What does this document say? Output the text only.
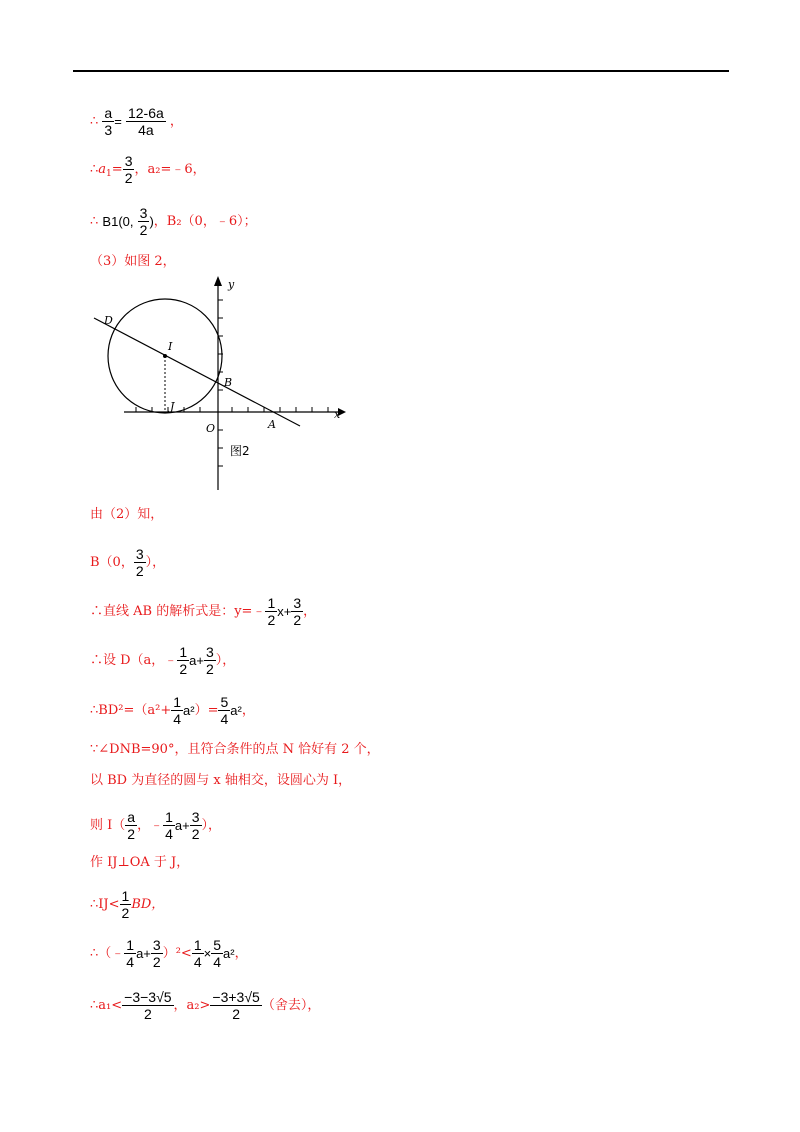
∴ $\frac{a}{3} = \frac{12-6a}{4a}$ ，
$\therefore a_1= \frac{3}{2}$ ，a₂=﹣6，
∴ B1(0, $\frac{3}{2}$ )，B₂（0，﹣6）；
（3）如图 2，
y
x
D
I
B
J
O	A
图2
由（2）知，
B（0， $\frac{3}{2}$ ），
∴直线 AB 的解析式是：y=﹣ $\frac{1}{2} x+ \frac{3}{2}$ ，
∴设 D（a，﹣ $\frac{1}{2} a+ \frac{3}{2}$ ），
∴BD²=（a²+ $\frac{1}{4} a^2)= \frac{5}{4} a^2$，
∵∠DNB=90°，且符合条件的点 N 恰好有 2 个，
以 BD 为直径的圆与 x 轴相交，设圆心为 I，
则 $I( \frac{a}{2}$ ，﹣ $\frac{1}{4} a+ \frac{3}{2}$ ），
作 IJ⊥OA 于 J，
∴IJ< $\frac{1}{2}$ BD，
∴（﹣ $\frac{1}{4} a+ \frac{3}{2} )^2< \frac{1}{4} \times \frac{5}{4} a^2$，
∴a₁< $\frac{-3-3√5}{2}$ ，$a_2> \frac{-3+3√5}{2}$ （舍去），
